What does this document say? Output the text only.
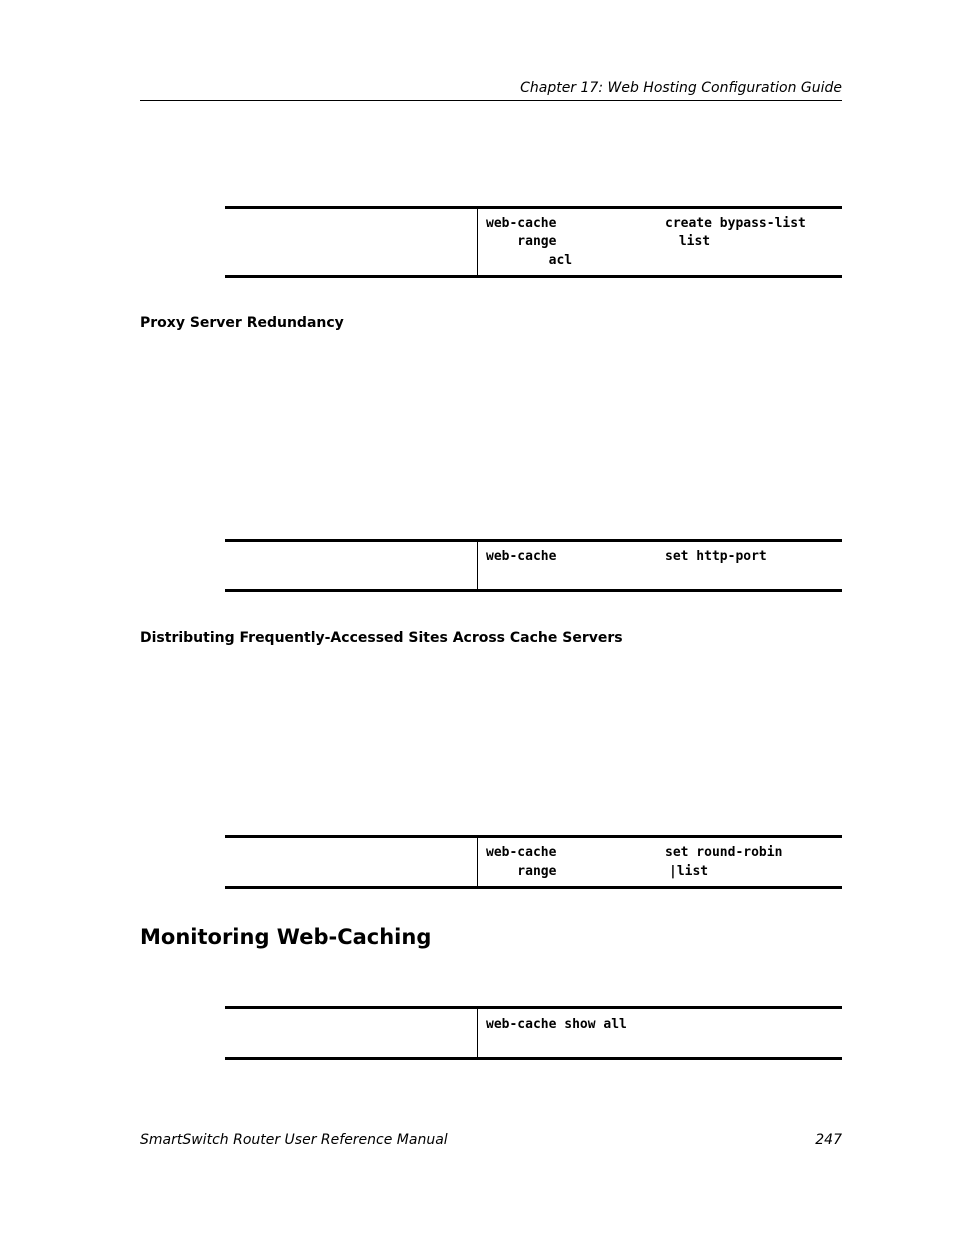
Chapter 17: Web Hosting Configuration Guide
web-cache	create bypass-list
range	list
acl
Proxy Server Redundancy
web-cache	set http-port
Distributing Frequently-Accessed Sites Across Cache Servers
web-cache	set round-robin
range	|list
Monitoring Web-Caching
web-cache show all
SmartSwitch Router User Reference Manual	247
